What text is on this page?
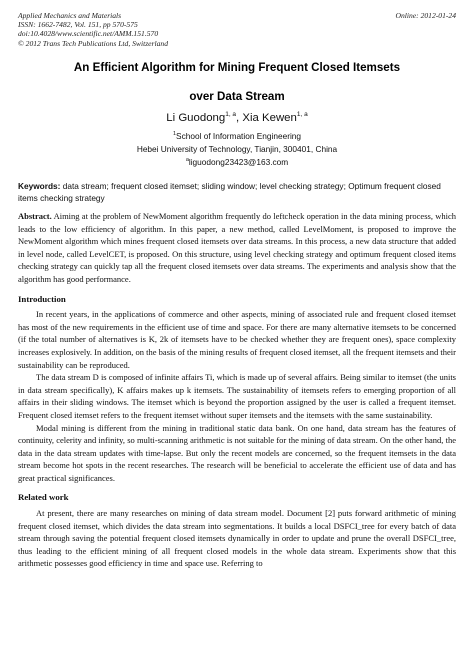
Applied Mechanics and Materials
ISSN: 1662-7482, Vol. 151, pp 570-575
doi:10.4028/www.scientific.net/AMM.151.570
© 2012 Trans Tech Publications Ltd, Switzerland
Online: 2012-01-24
An Efficient Algorithm for Mining Frequent Closed Itemsets
over Data Stream
Li Guodong$^{1, a}$, Xia Kewen$^{1, a}$
$^1$School of Information Engineering
Hebei University of Technology, Tianjin, 300401, China
$^a$liguodong23423@163.com
Keywords: data stream; frequent closed itemset; sliding window; level checking strategy; Optimum frequent closed items checking strategy

Abstract. Aiming at the problem of NewMoment algorithm frequently do leftcheck operation in the data mining process, which leads to the low efficiency of algorithm. In this paper, a new method, called LevelMoment, is proposed to improve the NewMoment algorithm which mines frequent closed itemsets over data streams. In this process, a new data structure that added in level node, called LevelCET, is proposed. On this structure, using level checking strategy and optimum frequent closed items checking strategy can quickly tap all the frequent closed itemsets over data streams. The experiments and analysis show that the algorithm has good performance.

Introduction

In recent years, in the applications of commerce and other aspects, mining of associated rule and frequent closed itemset has most of the new requirements in the efficient use of time and space. For there are many alternative itemsets to be concerned (if the total number of alternatives is K, 2k of itemsets have to be checked whether they are frequent ones), space complexity increases explosively. In addition, on the basis of the mining results of frequent closed itemset, all the frequent itemsets and their sustainability can be reproduced.

The data stream D is composed of infinite affairs Ti, which is made up of several affairs. Being similar to itemset (the units in data stream specifically), K affairs makes up k itemsets. The sustainability of itemsets refers to emerging proportion of all affairs in their sliding windows. The itemset which is beyond the proportion assigned by the user is called a frequent itemset. Frequent closed itemset refers to the frequent itemset without super itemsets and the itemsets with the same sustainability.

Modal mining is different from the mining in traditional static data bank. On one hand, data stream has the features of continuity, celerity and infinity, so multi-scanning arithmetic is not suitable for the mining of data stream. On the other hand, the data in the data stream updates with time-lapse. But only the recent models are concerned, so the frequent itemsets in the data stream become hot spots in the recent researches. The research will be beneficial to accelerate the efficient use of data and has great practical significances.

Related work

At present, there are many researches on mining of data stream model. Document [2] puts forward arithmetic of mining frequent closed itemset, which divides the data stream into segmentations. It builds a local DSFCI_tree for every batch of data stream through saving the potential frequent closed itemsets dynamically in order to update and prune the overall DSFCI_tree, thus leading to the efficient mining of all frequent closed models in the whole data stream. Experiments show that this arithmetic possesses good efficiency in time and space use. Referring to
